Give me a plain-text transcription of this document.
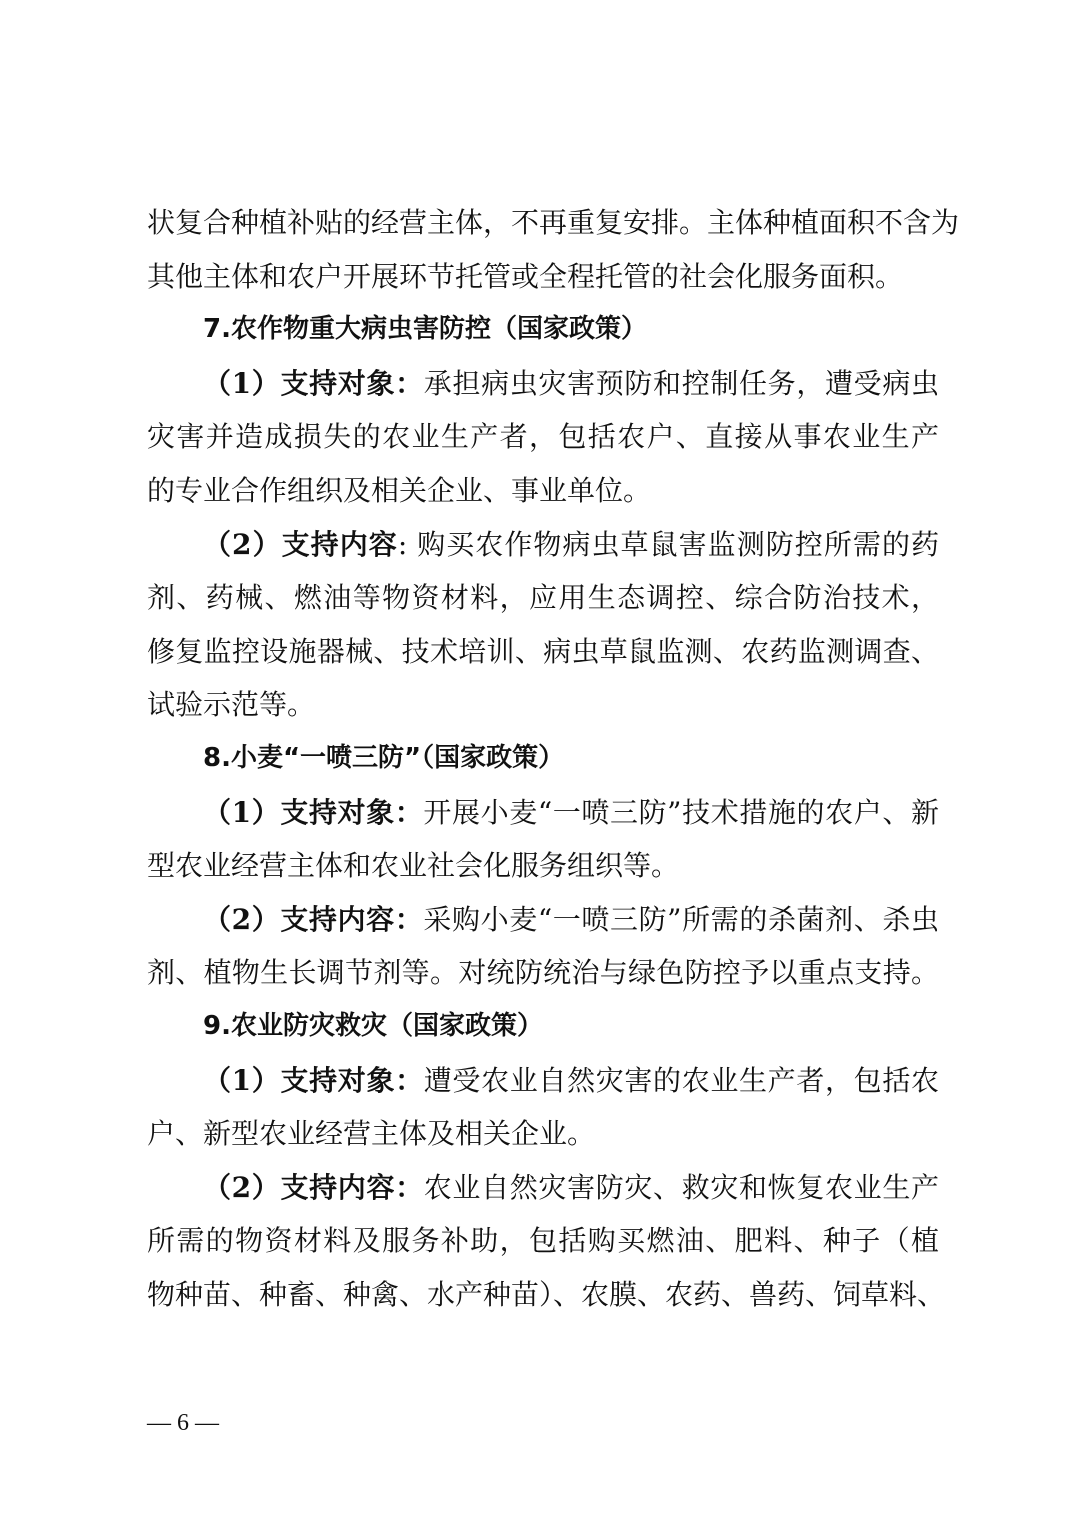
状复合种植补贴的经营主体，不再重复安排。主体种植面积不含为
其他主体和农户开展环节托管或全程托管的社会化服务面积。
7.农作物重大病虫害防控（国家政策）
（1）支持对象：承担病虫灾害预防和控制任务，遭受病虫
灾害并造成损失的农业生产者，包括农户、直接从事农业生产
的专业合作组织及相关企业、事业单位。
（2）支持内容: 购买农作物病虫草鼠害监测防控所需的药
剂、药械、燃油等物资材料，应用生态调控、综合防治技术，
修复监控设施器械、技术培训、病虫草鼠监测、农药监测调查、
试验示范等。
8.小麦“一喷三防”（国家政策）
（1）支持对象：开展小麦“一喷三防”技术措施的农户、新
型农业经营主体和农业社会化服务组织等。
（2）支持内容：采购小麦“一喷三防”所需的杀菌剂、杀虫
剂、植物生长调节剂等。对统防统治与绿色防控予以重点支持。
9.农业防灾救灾（国家政策）
（1）支持对象：遭受农业自然灾害的农业生产者，包括农
户、新型农业经营主体及相关企业。
（2）支持内容：农业自然灾害防灾、救灾和恢复农业生产
所需的物资材料及服务补助，包括购买燃油、肥料、种子（植
物种苗、种畜、种禽、水产种苗）、农膜、农药、兽药、饲草料、
— 6 —
